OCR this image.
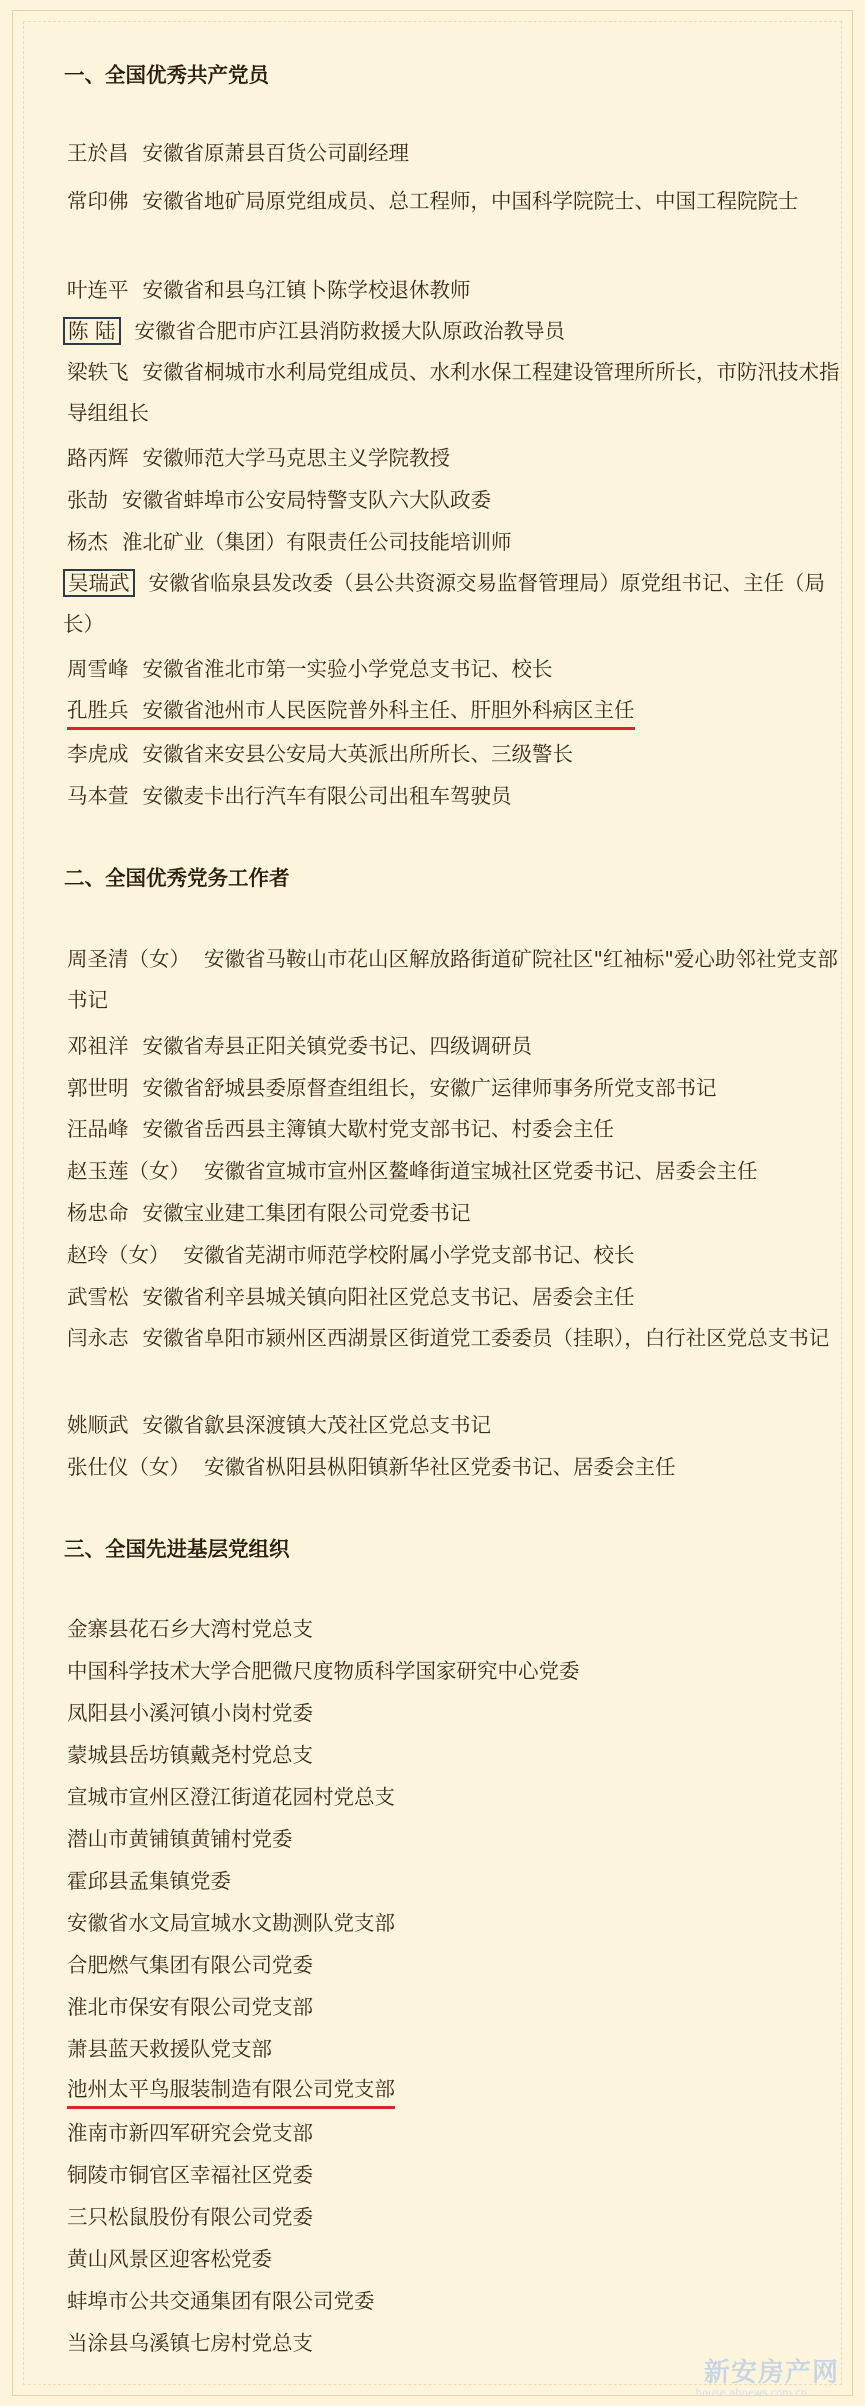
一、全国优秀共产党员
王於昌 安徽省原萧县百货公司副经理
常印佛 安徽省地矿局原党组成员、总工程师，中国科学院院士、中国工程院院士
叶连平 安徽省和县乌江镇卜陈学校退休教师
陈 陆 安徽省合肥市庐江县消防救援大队原政治教导员
梁轶飞 安徽省桐城市水利局党组成员、水利水保工程建设管理所所长，市防汛技术指导组组长
路丙辉 安徽师范大学马克思主义学院教授
张劼 安徽省蚌埠市公安局特警支队六大队政委
杨杰 淮北矿业（集团）有限责任公司技能培训师
吴瑞武 安徽省临泉县发改委（县公共资源交易监督管理局）原党组书记、主任（局长）
周雪峰 安徽省淮北市第一实验小学党总支书记、校长
孔胜兵 安徽省池州市人民医院普外科主任、肝胆外科病区主任
李虎成 安徽省来安县公安局大英派出所所长、三级警长
马本萱 安徽麦卡出行汽车有限公司出租车驾驶员
二、全国优秀党务工作者
周圣清（女） 安徽省马鞍山市花山区解放路街道矿院社区"红袖标"爱心助邻社党支部书记
邓祖洋 安徽省寿县正阳关镇党委书记、四级调研员
郭世明 安徽省舒城县委原督查组组长，安徽广运律师事务所党支部书记
汪品峰 安徽省岳西县主簿镇大歇村党支部书记、村委会主任
赵玉莲（女） 安徽省宣城市宣州区鳌峰街道宝城社区党委书记、居委会主任
杨忠命 安徽宝业建工集团有限公司党委书记
赵玲（女） 安徽省芜湖市师范学校附属小学党支部书记、校长
武雪松 安徽省利辛县城关镇向阳社区党总支书记、居委会主任
闫永志 安徽省阜阳市颍州区西湖景区街道党工委委员（挂职），白行社区党总支书记
姚顺武 安徽省歙县深渡镇大茂社区党总支书记
张仕仪（女） 安徽省枞阳县枞阳镇新华社区党委书记、居委会主任
三、全国先进基层党组织
金寨县花石乡大湾村党总支
中国科学技术大学合肥微尺度物质科学国家研究中心党委
凤阳县小溪河镇小岗村党委
蒙城县岳坊镇戴尧村党总支
宣城市宣州区澄江街道花园村党总支
潜山市黄铺镇黄铺村党委
霍邱县孟集镇党委
安徽省水文局宣城水文勘测队党支部
合肥燃气集团有限公司党委
淮北市保安有限公司党支部
萧县蓝天救援队党支部
池州太平鸟服装制造有限公司党支部
淮南市新四军研究会党支部
铜陵市铜官区幸福社区党委
三只松鼠股份有限公司党委
黄山风景区迎客松党委
蚌埠市公共交通集团有限公司党委
当涂县乌溪镇七房村党总支
新安房产网
house.ahnews.com.cn
